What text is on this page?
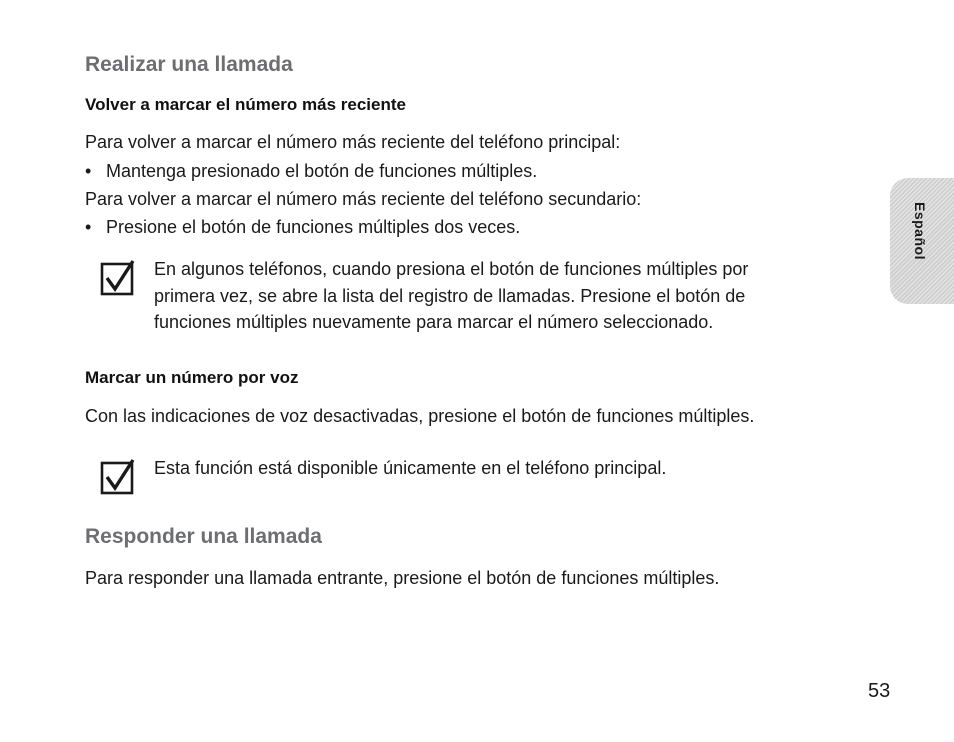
Realizar una llamada
Volver a marcar el número más reciente
Para volver a marcar el número más reciente del teléfono principal:
• Mantenga presionado el botón de funciones múltiples.
Para volver a marcar el número más reciente del teléfono secundario:
• Presione el botón de funciones múltiples dos veces.
En algunos teléfonos, cuando presiona el botón de funciones múltiples por
primera vez, se abre la lista del registro de llamadas. Presione el botón de
funciones múltiples nuevamente para marcar el número seleccionado.
Marcar un número por voz
Con las indicaciones de voz desactivadas, presione el botón de funciones múltiples.
Esta función está disponible únicamente en el teléfono principal.
Responder una llamada
Para responder una llamada entrante, presione el botón de funciones múltiples.
Español
53
